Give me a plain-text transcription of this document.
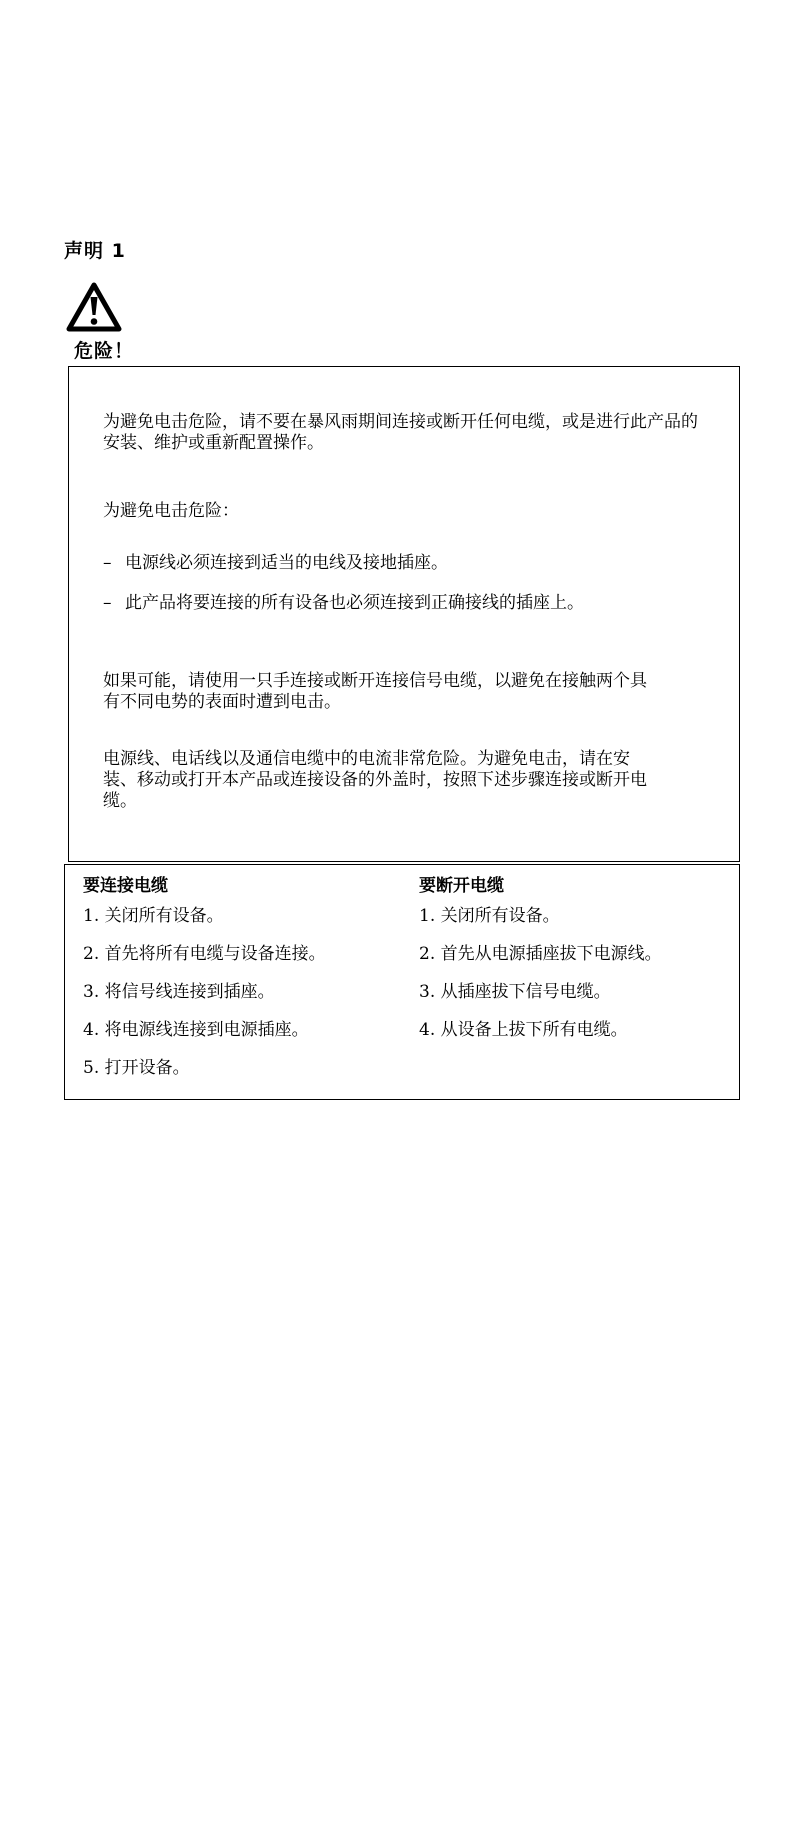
声明 1
危险！
为避免电击危险，请不要在暴风雨期间连接或断开任何电缆，或是进行此产品的安装、维护或重新配置操作。
为避免电击危险：
– 电源线必须连接到适当的电线及接地插座。
– 此产品将要连接的所有设备也必须连接到正确接线的插座上。
如果可能，请使用一只手连接或断开连接信号电缆，以避免在接触两个具有不同电势的表面时遭到电击。
电源线、电话线以及通信电缆中的电流非常危险。为避免电击，请在安装、移动或打开本产品或连接设备的外盖时，按照下述步骤连接或断开电缆。
要连接电缆
1. 关闭所有设备。
2. 首先将所有电缆与设备连接。
3. 将信号线连接到插座。
4. 将电源线连接到电源插座。
5. 打开设备。
要断开电缆
1. 关闭所有设备。
2. 首先从电源插座拔下电源线。
3. 从插座拔下信号电缆。
4. 从设备上拔下所有电缆。
